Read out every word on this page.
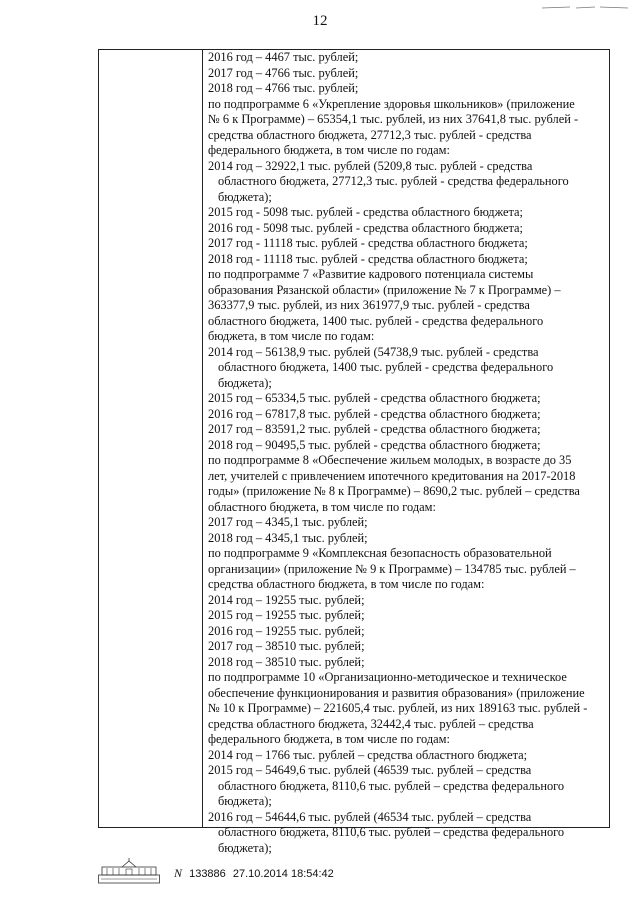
12
2016 год – 4467 тыс. рублей;
2017 год – 4766 тыс. рублей;
2018 год – 4766 тыс. рублей;
по подпрограмме 6 «Укрепление здоровья школьников» (приложение
№ 6 к Программе) – 65354,1 тыс. рублей, из них 37641,8 тыс. рублей -
средства областного бюджета, 27712,3 тыс. рублей - средства
федерального бюджета, в том числе по годам:
2014 год – 32922,1 тыс. рублей (5209,8 тыс. рублей - средства
областного бюджета, 27712,3 тыс. рублей - средства федерального
бюджета);
2015 год - 5098 тыс. рублей - средства областного бюджета;
2016 год - 5098 тыс. рублей - средства областного бюджета;
2017 год - 11118 тыс. рублей - средства областного бюджета;
2018 год - 11118 тыс. рублей - средства областного бюджета;
по подпрограмме 7 «Развитие кадрового потенциала системы
образования Рязанской области» (приложение № 7 к Программе) –
363377,9 тыс. рублей, из них 361977,9 тыс. рублей - средства
областного бюджета, 1400 тыс. рублей - средства федерального
бюджета, в том числе по годам:
2014 год – 56138,9 тыс. рублей (54738,9 тыс. рублей - средства
областного бюджета, 1400 тыс. рублей - средства федерального
бюджета);
2015 год – 65334,5 тыс. рублей - средства областного бюджета;
2016 год – 67817,8 тыс. рублей - средства областного бюджета;
2017 год – 83591,2 тыс. рублей - средства областного бюджета;
2018 год – 90495,5 тыс. рублей - средства областного бюджета;
по подпрограмме 8 «Обеспечение жильем молодых, в возрасте до 35
лет, учителей с привлечением ипотечного кредитования на 2017-2018
годы» (приложение № 8 к Программе) – 8690,2 тыс. рублей – средства
областного бюджета, в том числе по годам:
2017 год – 4345,1 тыс. рублей;
2018 год – 4345,1 тыс. рублей;
по подпрограмме 9 «Комплексная безопасность образовательной
организации» (приложение № 9 к Программе) – 134785 тыс. рублей –
средства областного бюджета, в том числе по годам:
2014 год – 19255 тыс. рублей;
2015 год – 19255 тыс. рублей;
2016 год – 19255 тыс. рублей;
2017 год – 38510 тыс. рублей;
2018 год – 38510 тыс. рублей;
по подпрограмме 10 «Организационно-методическое и техническое
обеспечение функционирования и развития образования» (приложение
№ 10 к Программе) – 221605,4 тыс. рублей, из них 189163 тыс. рублей -
средства областного бюджета, 32442,4 тыс. рублей – средства
федерального бюджета, в том числе по годам:
2014 год – 1766 тыс. рублей – средства областного бюджета;
2015 год – 54649,6 тыс. рублей (46539 тыс. рублей – средства
областного бюджета, 8110,6 тыс. рублей – средства федерального
бюджета);
2016 год – 54644,6 тыс. рублей (46534 тыс. рублей – средства
областного бюджета, 8110,6 тыс. рублей – средства федерального
бюджета);
N 133886 27.10.2014 18:54:42
